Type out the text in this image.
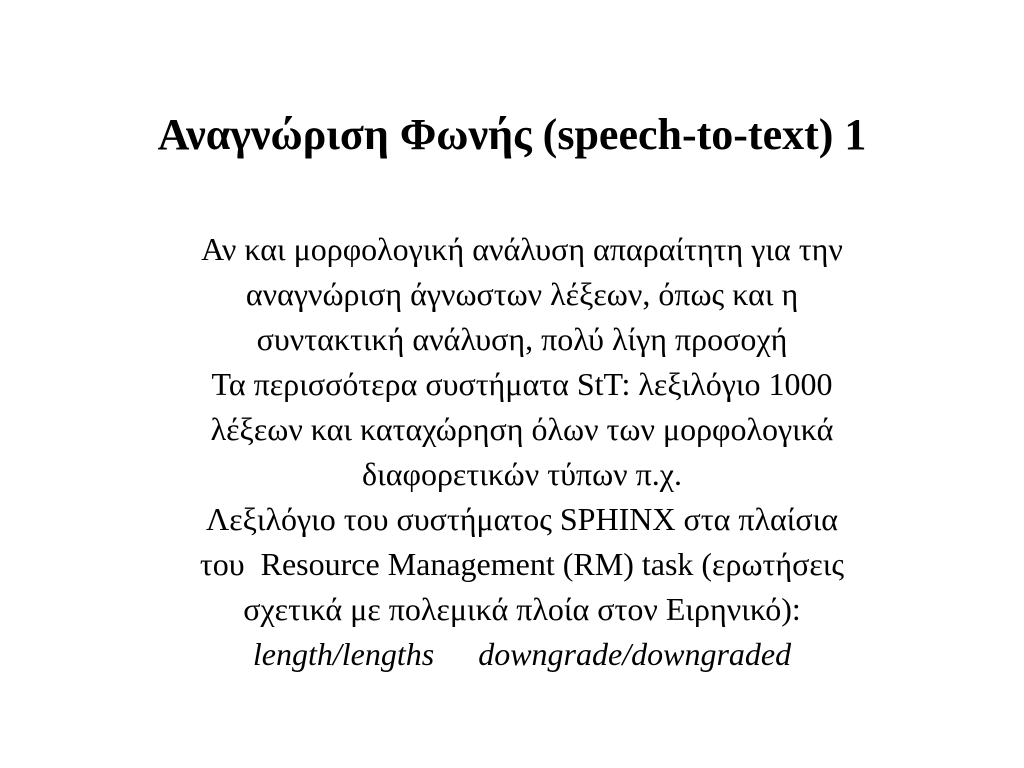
Αναγνώριση Φωνής (speech-to-text) 1

Αν και μορφολογική ανάλυση απαραίτητη για την
αναγνώριση άγνωστων λέξεων, όπως και η
συντακτική ανάλυση, πολύ λίγη προσοχή

Τα περισσότερα συστήματα StT: λεξιλόγιο 1000
λέξεων και καταχώρηση όλων των μορφολογικά
διαφορετικών τύπων π.χ.

Λεξιλόγιο του συστήματος SPHINX στα πλαίσια
του  Resource Management (RM) task (ερωτήσεις
σχετικά με πολεμικά πλοία στον Ειρηνικό):
length/lengths downgrade/downgraded
